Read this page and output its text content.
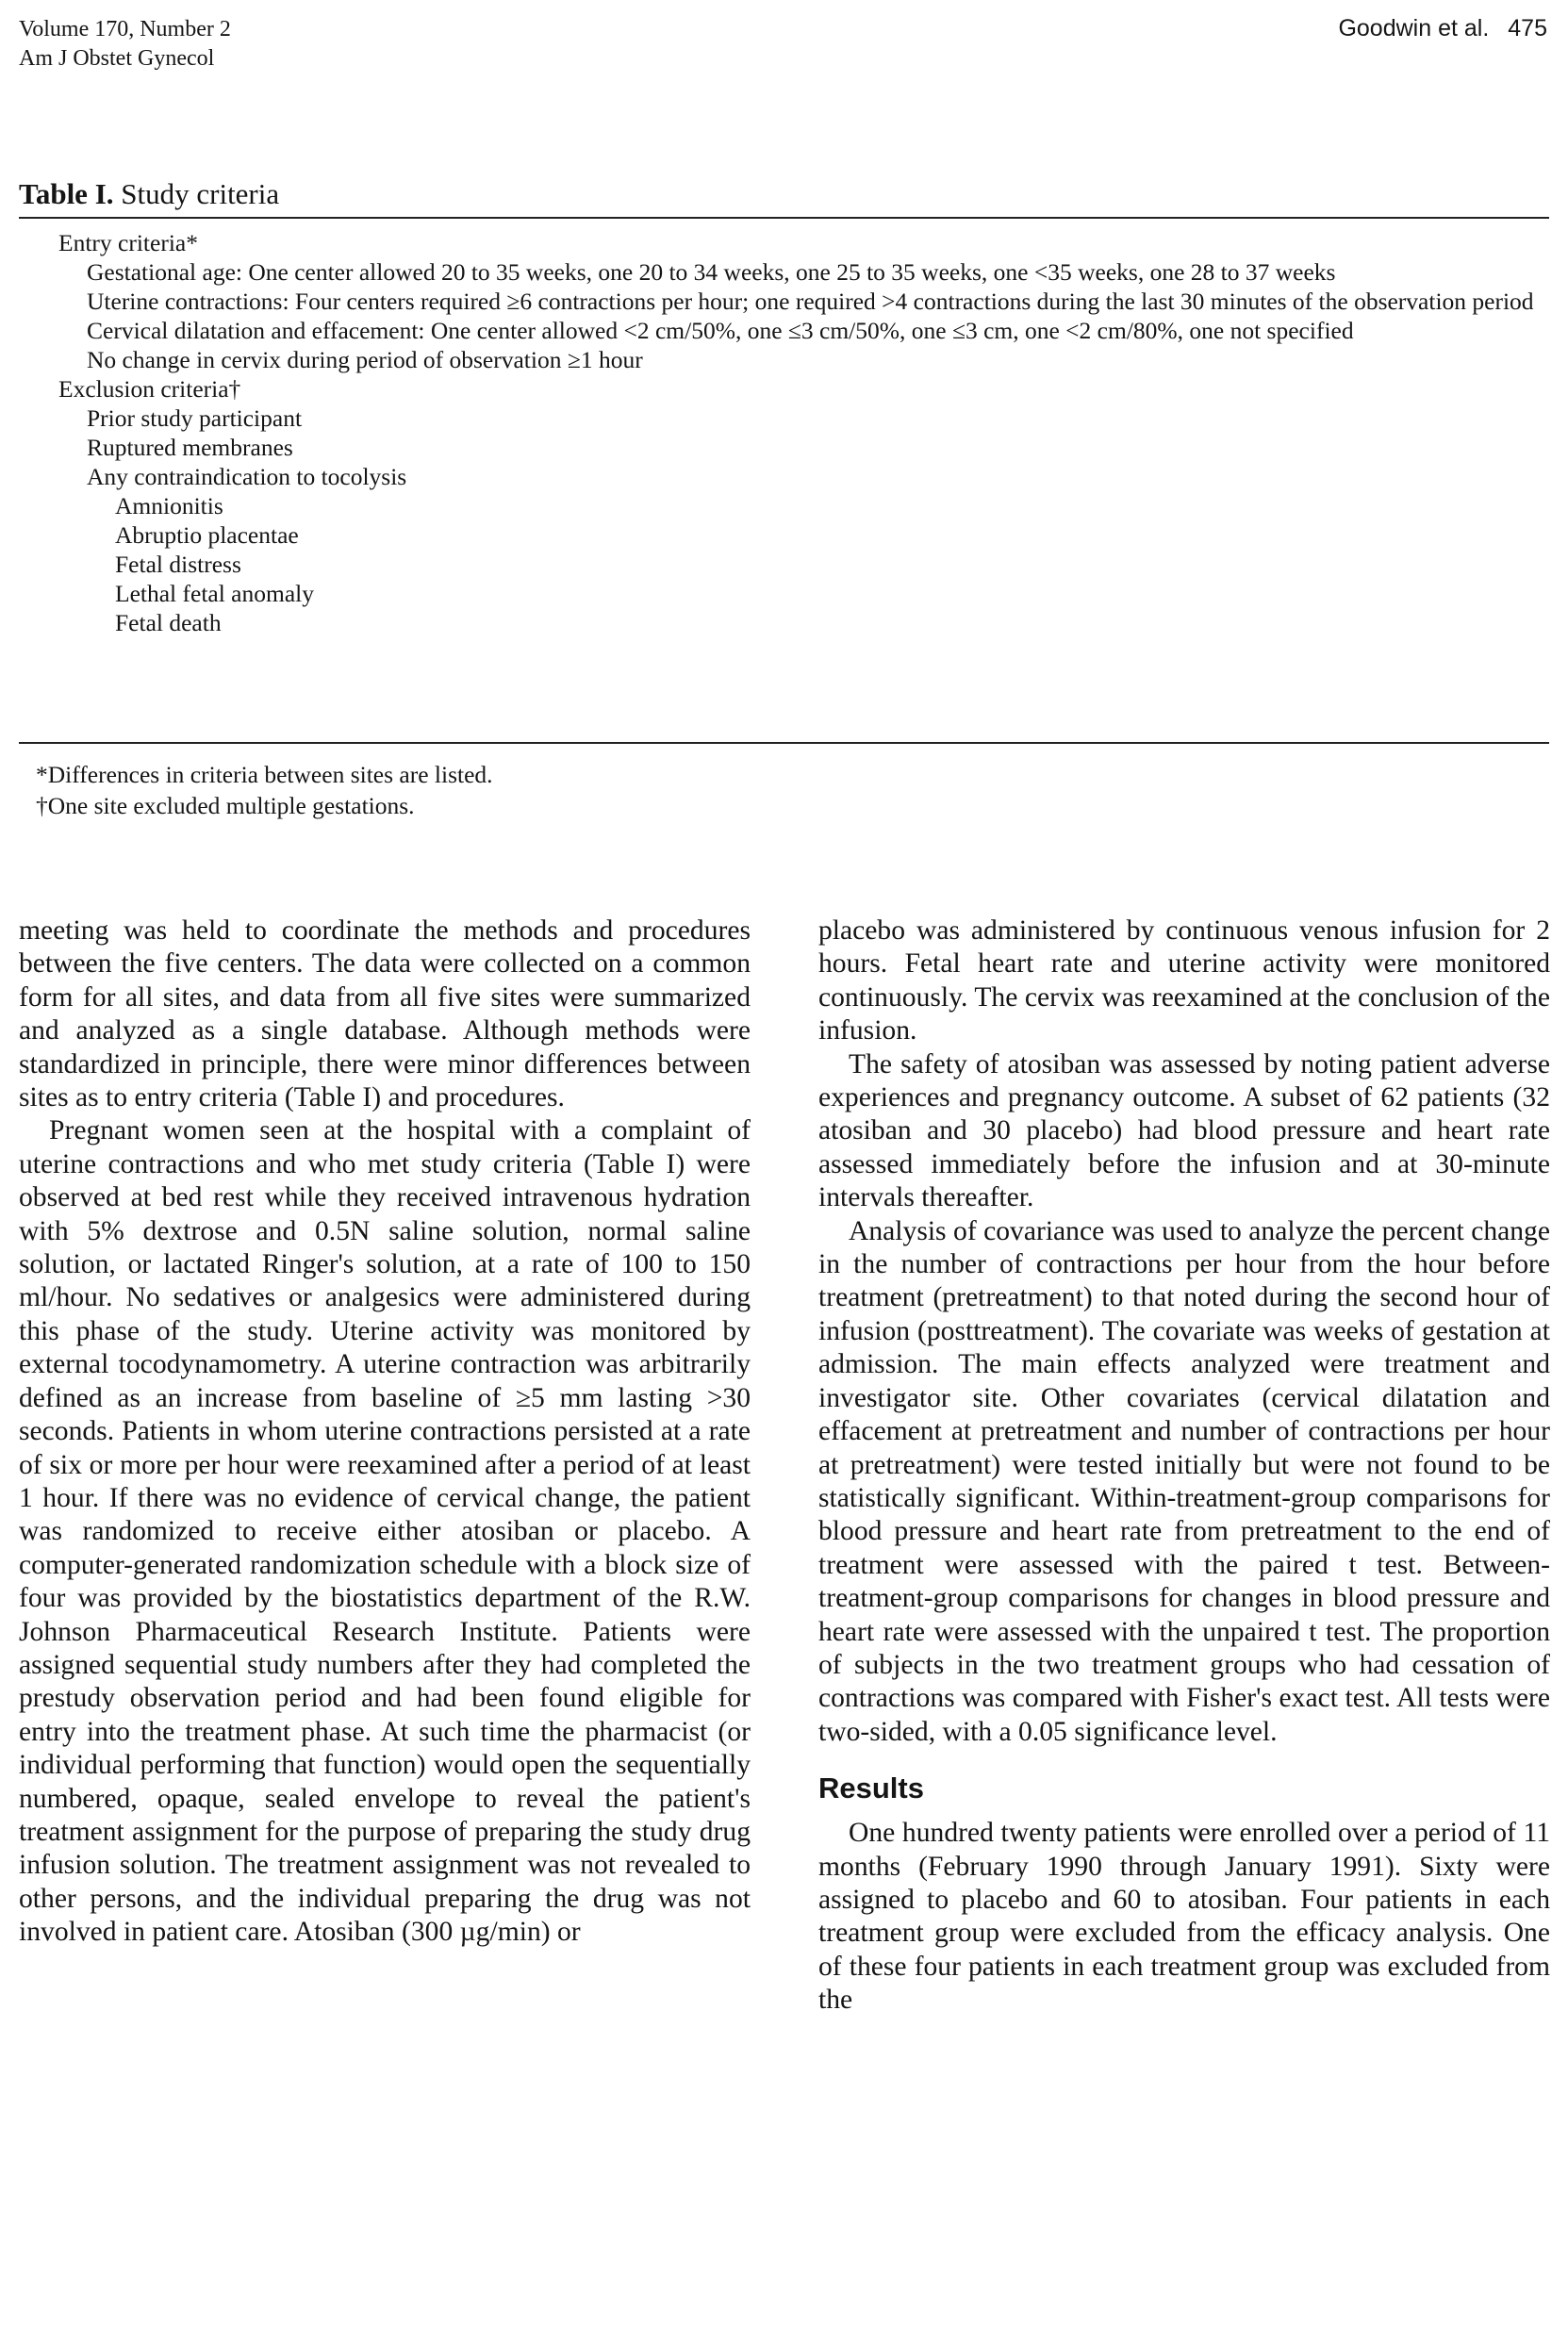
Volume 170, Number 2
Am J Obstet Gynecol
Goodwin et al. 475
Table I. Study criteria
Entry criteria*
Gestational age: One center allowed 20 to 35 weeks, one 20 to 34 weeks, one 25 to 35 weeks, one <35 weeks, one 28 to 37 weeks
Uterine contractions: Four centers required ≥6 contractions per hour; one required >4 contractions during the last 30 minutes of the observation period
Cervical dilatation and effacement: One center allowed <2 cm/50%, one ≤3 cm/50%, one ≤3 cm, one <2 cm/80%, one not specified
No change in cervix during period of observation ≥1 hour
Exclusion criteria†
Prior study participant
Ruptured membranes
Any contraindication to tocolysis
Amnionitis
Abruptio placentae
Fetal distress
Lethal fetal anomaly
Fetal death
*Differences in criteria between sites are listed.
†One site excluded multiple gestations.

meeting was held to coordinate the methods and procedures between the five centers. The data were collected on a common form for all sites, and data from all five sites were summarized and analyzed as a single database. Although methods were standardized in principle, there were minor differences between sites as to entry criteria (Table I) and procedures.

Pregnant women seen at the hospital with a complaint of uterine contractions and who met study criteria (Table I) were observed at bed rest while they received intravenous hydration with 5% dextrose and 0.5N saline solution, normal saline solution, or lactated Ringer's solution, at a rate of 100 to 150 ml/hour. No sedatives or analgesics were administered during this phase of the study. Uterine activity was monitored by external tocodynamometry. A uterine contraction was arbitrarily defined as an increase from baseline of ≥5 mm lasting >30 seconds. Patients in whom uterine contractions persisted at a rate of six or more per hour were reexamined after a period of at least 1 hour. If there was no evidence of cervical change, the patient was randomized to receive either atosiban or placebo. A computer-generated randomization schedule with a block size of four was provided by the biostatistics department of the R.W. Johnson Pharmaceutical Research Institute. Patients were assigned sequential study numbers after they had completed the prestudy observation period and had been found eligible for entry into the treatment phase. At such time the pharmacist (or individual performing that function) would open the sequentially numbered, opaque, sealed envelope to reveal the patient's treatment assignment for the purpose of preparing the study drug infusion solution. The treatment assignment was not revealed to other persons, and the individual preparing the drug was not involved in patient care. Atosiban (300 µg/min) or

placebo was administered by continuous venous infusion for 2 hours. Fetal heart rate and uterine activity were monitored continuously. The cervix was reexamined at the conclusion of the infusion.

The safety of atosiban was assessed by noting patient adverse experiences and pregnancy outcome. A subset of 62 patients (32 atosiban and 30 placebo) had blood pressure and heart rate assessed immediately before the infusion and at 30-minute intervals thereafter.

Analysis of covariance was used to analyze the percent change in the number of contractions per hour from the hour before treatment (pretreatment) to that noted during the second hour of infusion (posttreatment). The covariate was weeks of gestation at admission. The main effects analyzed were treatment and investigator site. Other covariates (cervical dilatation and effacement at pretreatment and number of contractions per hour at pretreatment) were tested initially but were not found to be statistically significant. Within-treatment-group comparisons for blood pressure and heart rate from pretreatment to the end of treatment were assessed with the paired t test. Between-treatment-group comparisons for changes in blood pressure and heart rate were assessed with the unpaired t test. The proportion of subjects in the two treatment groups who had cessation of contractions was compared with Fisher's exact test. All tests were two-sided, with a 0.05 significance level.

Results

One hundred twenty patients were enrolled over a period of 11 months (February 1990 through January 1991). Sixty were assigned to placebo and 60 to atosiban. Four patients in each treatment group were excluded from the efficacy analysis. One of these four patients in each treatment group was excluded from the
